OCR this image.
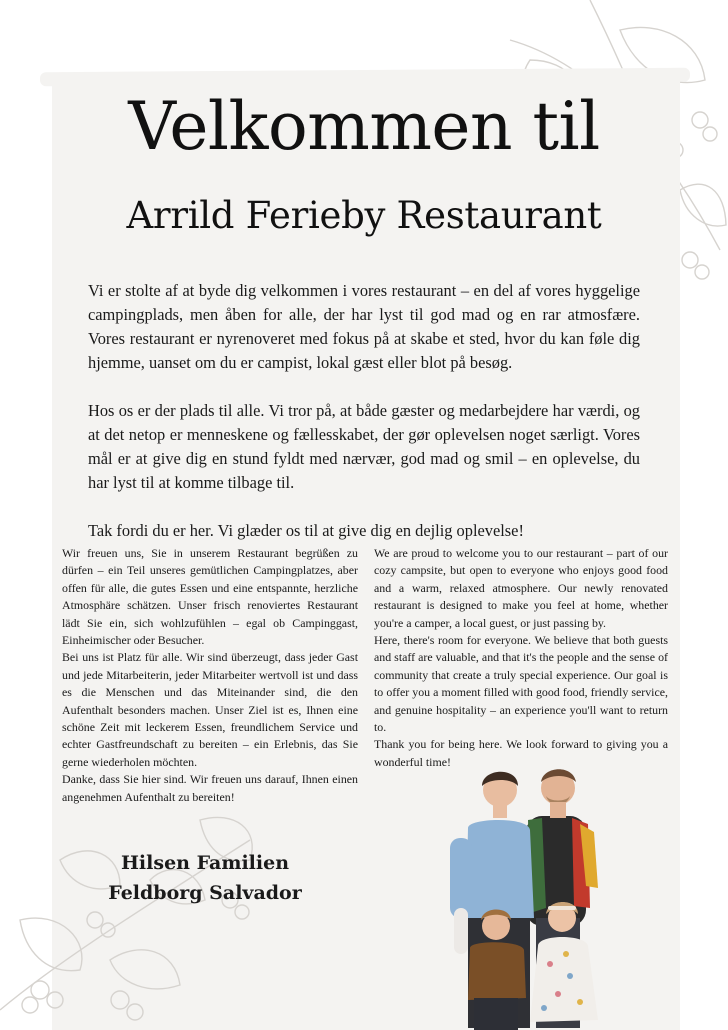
Velkommen til
Arrild Ferieby Restaurant

Vi er stolte af at byde dig velkommen i vores restaurant – en del af vores hyggelige campingplads, men åben for alle, der har lyst til god mad og en rar atmosfære. Vores restaurant er nyrenoveret med fokus på at skabe et sted, hvor du kan føle dig hjemme, uanset om du er campist, lokal gæst eller blot på besøg.

Hos os er der plads til alle. Vi tror på, at både gæster og medarbejdere har værdi, og at det netop er menneskene og fællesskabet, der gør oplevelsen noget særligt. Vores mål er at give dig en stund fyldt med nærvær, god mad og smil – en oplevelse, du har lyst til at komme tilbage til.

Tak fordi du er her. Vi glæder os til at give dig en dejlig oplevelse!

Wir freuen uns, Sie in unserem Restaurant begrüßen zu dürfen – ein Teil unseres gemütlichen Campingplatzes, aber offen für alle, die gutes Essen und eine entspannte, herzliche Atmosphäre schätzen. Unser frisch renoviertes Restaurant lädt Sie ein, sich wohlzufühlen – egal ob Campinggast, Einheimischer oder Besucher.

Bei uns ist Platz für alle. Wir sind überzeugt, dass jeder Gast und jede Mitarbeiterin, jeder Mitarbeiter wertvoll ist und dass es die Menschen und das Miteinander sind, die den Aufenthalt besonders machen. Unser Ziel ist es, Ihnen eine schöne Zeit mit leckerem Essen, freundlichem Service und echter Gastfreundschaft zu bereiten – ein Erlebnis, das Sie gerne wiederholen möchten.

Danke, dass Sie hier sind. Wir freuen uns darauf, Ihnen einen angenehmen Aufenthalt zu bereiten!

We are proud to welcome you to our restaurant – part of our cozy campsite, but open to everyone who enjoys good food and a warm, relaxed atmosphere. Our newly renovated restaurant is designed to make you feel at home, whether you're a camper, a local guest, or just passing by.

Here, there's room for everyone. We believe that both guests and staff are valuable, and that it's the people and the sense of community that create a truly special experience. Our goal is to offer you a moment filled with good food, friendly service, and genuine hospitality – an experience you'll want to return to.

Thank you for being here. We look forward to giving you a wonderful time!

Hilsen Familien
Feldborg Salvador
